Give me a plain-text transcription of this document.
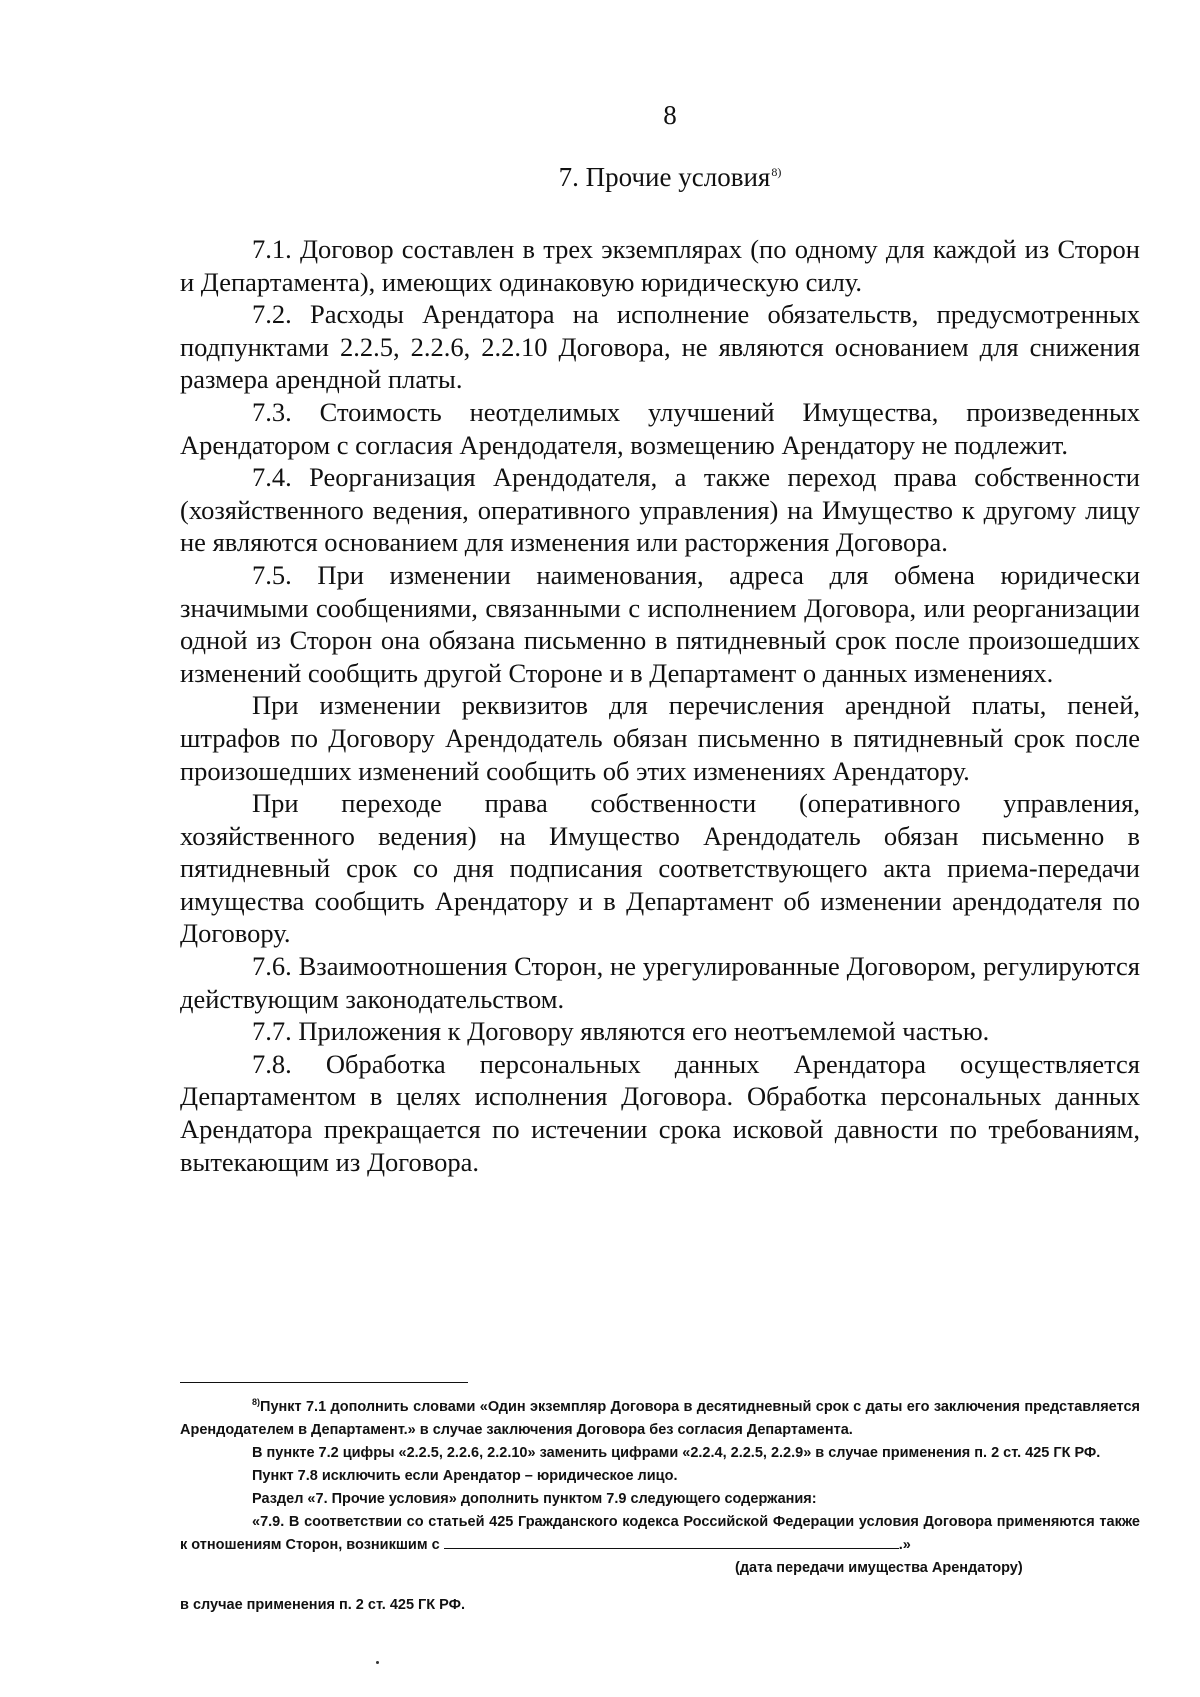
8
7. Прочие условия$^{8)}$

7.1. Договор составлен в трех экземплярах (по одному для каждой из Сторон и Департамента), имеющих одинаковую юридическую силу.

7.2. Расходы Арендатора на исполнение обязательств, предусмотренных подпунктами 2.2.5, 2.2.6, 2.2.10 Договора, не являются основанием для снижения размера арендной платы.

7.3. Стоимость неотделимых улучшений Имущества, произведенных Арендатором с согласия Арендодателя, возмещению Арендатору не подлежит.

7.4. Реорганизация Арендодателя, а также переход права собственности (хозяйственного ведения, оперативного управления) на Имущество к другому лицу не являются основанием для изменения или расторжения Договора.

7.5. При изменении наименования, адреса для обмена юридически значимыми сообщениями, связанными с исполнением Договора, или реорганизации одной из Сторон она обязана письменно в пятидневный срок после произошедших изменений сообщить другой Стороне и в Департамент о данных изменениях.

При изменении реквизитов для перечисления арендной платы, пеней, штрафов по Договору Арендодатель обязан письменно в пятидневный срок после произошедших изменений сообщить об этих изменениях Арендатору.

При переходе права собственности (оперативного управления, хозяйственного ведения) на Имущество Арендодатель обязан письменно в пятидневный срок со дня подписания соответствующего акта приема-передачи имущества сообщить Арендатору и в Департамент об изменении арендодателя по Договору.

7.6. Взаимоотношения Сторон, не урегулированные Договором, регулируются действующим законодательством.

7.7. Приложения к Договору являются его неотъемлемой частью.

7.8. Обработка персональных данных Арендатора осуществляется Департаментом в целях исполнения Договора. Обработка персональных данных Арендатора прекращается по истечении срока исковой давности по требованиям, вытекающим из Договора.

$^{8)}$Пункт 7.1 дополнить словами «Один экземпляр Договора в десятидневный срок с даты его заключения представляется Арендодателем в Департамент.» в случае заключения Договора без согласия Департамента.

В пункте 7.2 цифры «2.2.5, 2.2.6, 2.2.10» заменить цифрами «2.2.4, 2.2.5, 2.2.9» в случае применения п. 2 ст. 425 ГК РФ.

Пункт 7.8 исключить если Арендатор – юридическое лицо.

Раздел «7. Прочие условия» дополнить пунктом 7.9 следующего содержания:

«7.9. В соответствии со статьей 425 Гражданского кодекса Российской Федерации условия Договора применяются также к отношениям Сторон, возникшим с	.»

(дата передачи имущества Арендатору)

в случае применения п. 2 ст. 425 ГК РФ.
